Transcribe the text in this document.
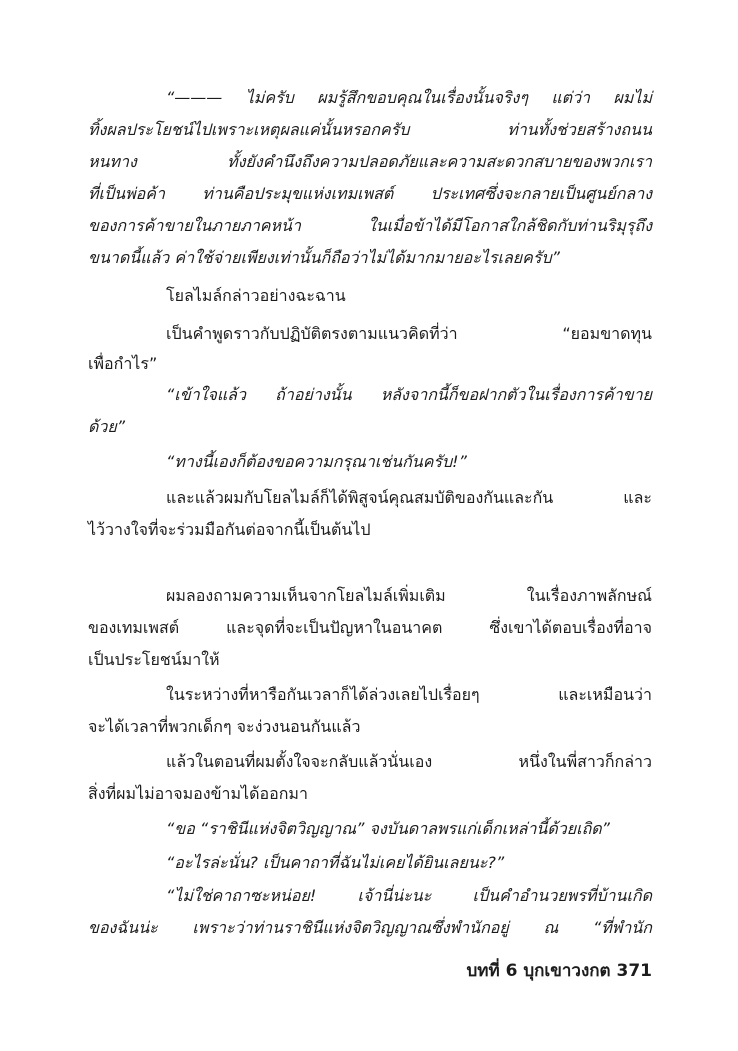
“——— ไม่ครับ ผมรู้สึกขอบคุณในเรื่องนั้นจริงๆ แต่ว่า ผมไม่
ทิ้งผลประโยชน์ไปเพราะเหตุผลแค่นั้นหรอกครับ ท่านทั้งช่วยสร้างถนน
หนทาง ทั้งยังคำนึงถึงความปลอดภัยและความสะดวกสบายของพวกเรา
ที่เป็นพ่อค้า ท่านคือประมุขแห่งเทมเพสต์ ประเทศซึ่งจะกลายเป็นศูนย์กลาง
ของการค้าขายในภายภาคหน้า ในเมื่อข้าได้มีโอกาสใกล้ชิดกับท่านริมุรุถึง
ขนาดนี้แล้ว ค่าใช้จ่ายเพียงเท่านั้นก็ถือว่าไม่ได้มากมายอะไรเลยครับ”
โยลไมล์กล่าวอย่างฉะฉาน
เป็นคำพูดราวกับปฏิบัติตรงตามแนวคิดที่ว่า “ยอมขาดทุน
เพื่อกำไร”
“เข้าใจแล้ว ถ้าอย่างนั้น หลังจากนี้ก็ขอฝากตัวในเรื่องการค้าขาย
ด้วย”
“ทางนี้เองก็ต้องขอความกรุณาเช่นกันครับ!”
และแล้วผมกับโยลไมล์ก็ได้พิสูจน์คุณสมบัติของกันและกัน และ
ไว้วางใจที่จะร่วมมือกันต่อจากนี้เป็นต้นไป
ผมลองถามความเห็นจากโยลไมล์เพิ่มเติม ในเรื่องภาพลักษณ์
ของเทมเพสต์ และจุดที่จะเป็นปัญหาในอนาคต ซึ่งเขาได้ตอบเรื่องที่อาจ
เป็นประโยชน์มาให้
ในระหว่างที่หารือกันเวลาก็ได้ล่วงเลยไปเรื่อยๆ และเหมือนว่า
จะได้เวลาที่พวกเด็กๆ จะง่วงนอนกันแล้ว
แล้วในตอนที่ผมตั้งใจจะกลับแล้วนั่นเอง หนึ่งในพี่สาวก็กล่าว
สิ่งที่ผมไม่อาจมองข้ามได้ออกมา
“ขอ “ราชินีแห่งจิตวิญญาณ” จงบันดาลพรแก่เด็กเหล่านี้ด้วยเถิด”
“อะไรล่ะนั่น? เป็นคาถาที่ฉันไม่เคยได้ยินเลยนะ?”
“ไม่ใช่คาถาซะหน่อย! เจ้านี่น่ะนะ เป็นคำอำนวยพรที่บ้านเกิด
ของฉันน่ะ เพราะว่าท่านราชินีแห่งจิตวิญญาณซึ่งพำนักอยู่ ณ “ที่พำนัก
บทที่ 6 บุกเขาวงกต 371
